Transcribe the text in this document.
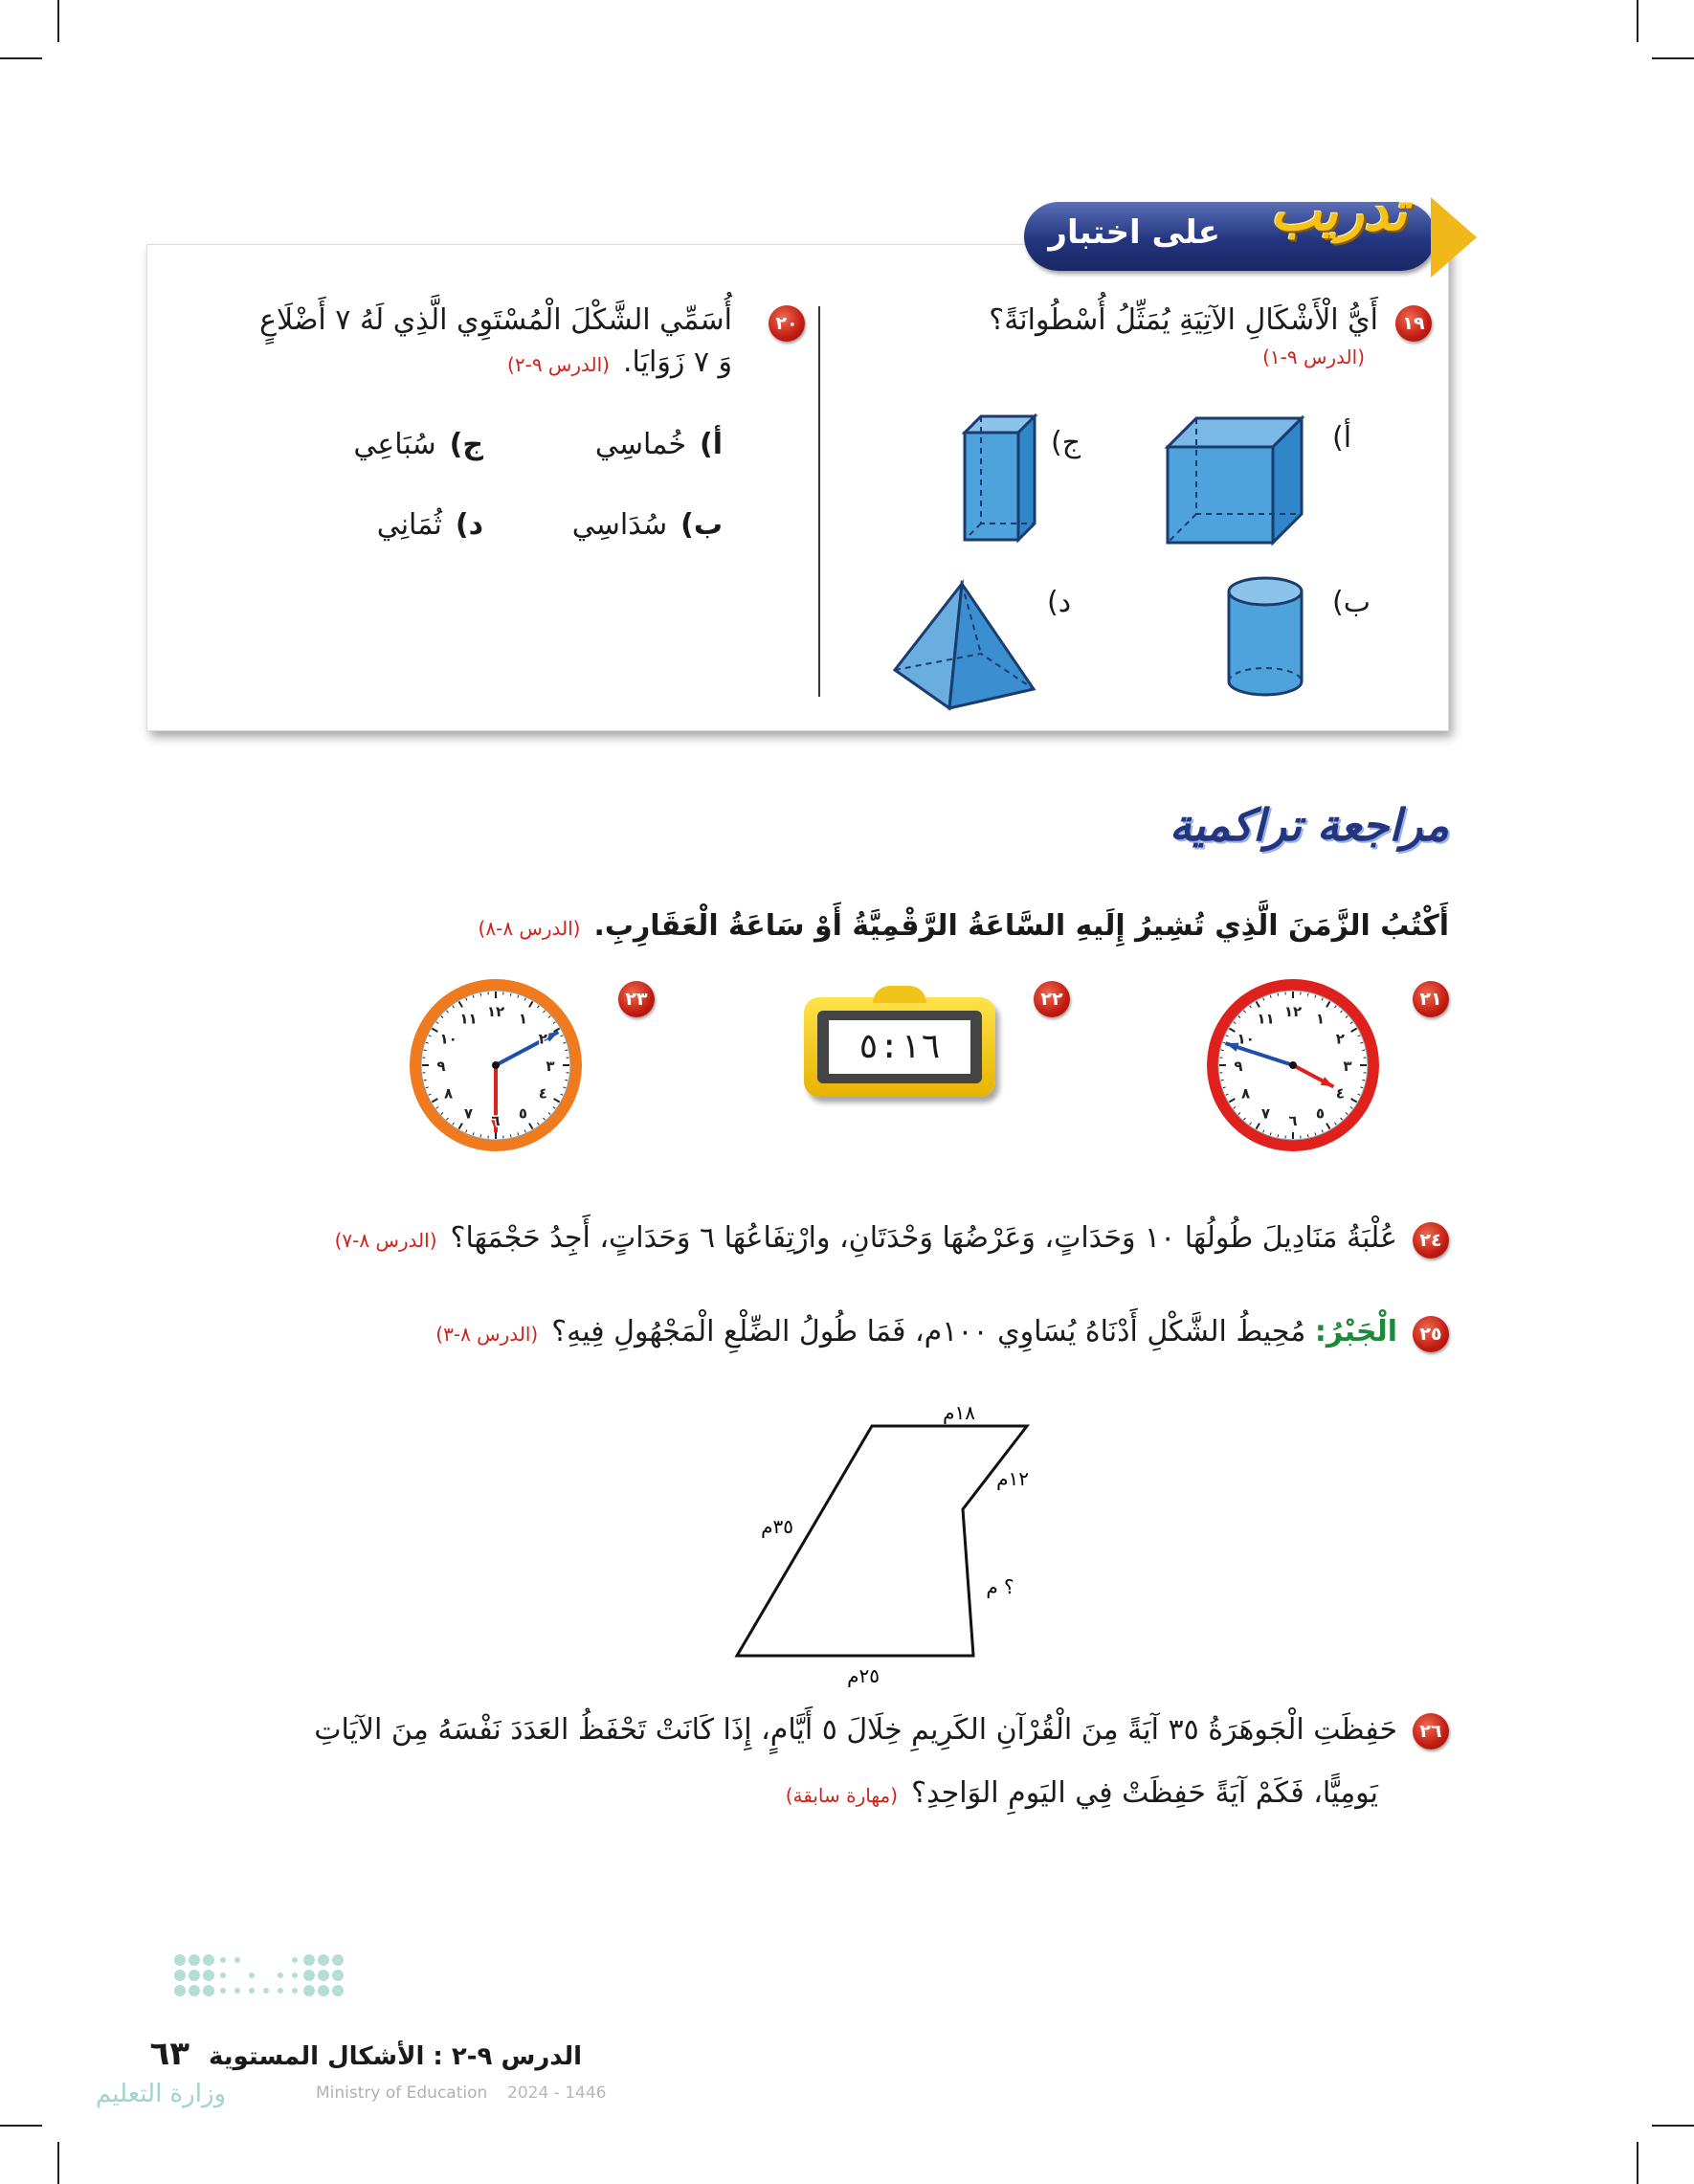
على اختبار تدريب
١٩
أَيُّ الْأَشْكَالِ الآتِيَةِ يُمَثِّلُ أُسْطُوانَةً؟
(الدرس ٩-١)
أ)
ب)
ج)
د)
٢٠
أُسَمِّي الشَّكْلَ الْمُسْتَوِي الَّذِي لَهُ ٧ أَضْلَاعٍ
وَ ٧ زَوَايَا.(الدرس ٩-٢)
أ)خُماسِي
ج)سُبَاعِي
ب)سُدَاسِي
د)ثُمَانِي
مراجعة تراكمية
أَكْتُبُ الزَّمَنَ الَّذِي تُشِيرُ إِلَيهِ السَّاعَةُ الرَّقْمِيَّةُ أَوْ سَاعَةُ الْعَقَارِبِ.(الدرس ٨-٨)
٢١
٢٢
٢٣
١٢ ١
٢
٣
٤
٥
٦
٧
٨
٩
١٠
١١
١٢ ١
٢
٣
٤
٥
٦
٧
٨
٩
١٠
١١
٥:١٦
٢٤
عُلْبَةُ مَنَادِيلَ طُولُهَا ١٠ وَحَدَاتٍ، وَعَرْضُهَا وَحْدَتَانِ، وارْتِفَاعُهَا ٦ وَحَدَاتٍ، أَجِدُ حَجْمَهَا؟(الدرس ٨-٧)
٢٥
الْجَبْرُ: مُحِيطُ الشَّكْلِ أَدْنَاهُ يُسَاوِي ١٠٠م، فَمَا طُولُ الضِّلْعِ الْمَجْهُولِ فِيهِ؟(الدرس ٨-٣)
١٨م
١٢م
٣٥م
؟ م
٢٥م
٢٦
حَفِظَتِ الْجَوهَرَةُ ٣٥ آيَةً مِنَ الْقُرْآنِ الكَرِيمِ خِلَالَ ٥ أَيَّامٍ، إِذَا كَانَتْ تَحْفَظُ العَدَدَ نَفْسَهُ مِنَ الآيَاتِ
يَومِيًّا، فَكَمْ آيَةً حَفِظَتْ فِي اليَومِ الوَاحِدِ؟(مهارة سابقة)
الدرس ٩-٢ : الأشكال المستوية
٦٣
وزارة التعليم	Ministry of Education 2024 - 1446
